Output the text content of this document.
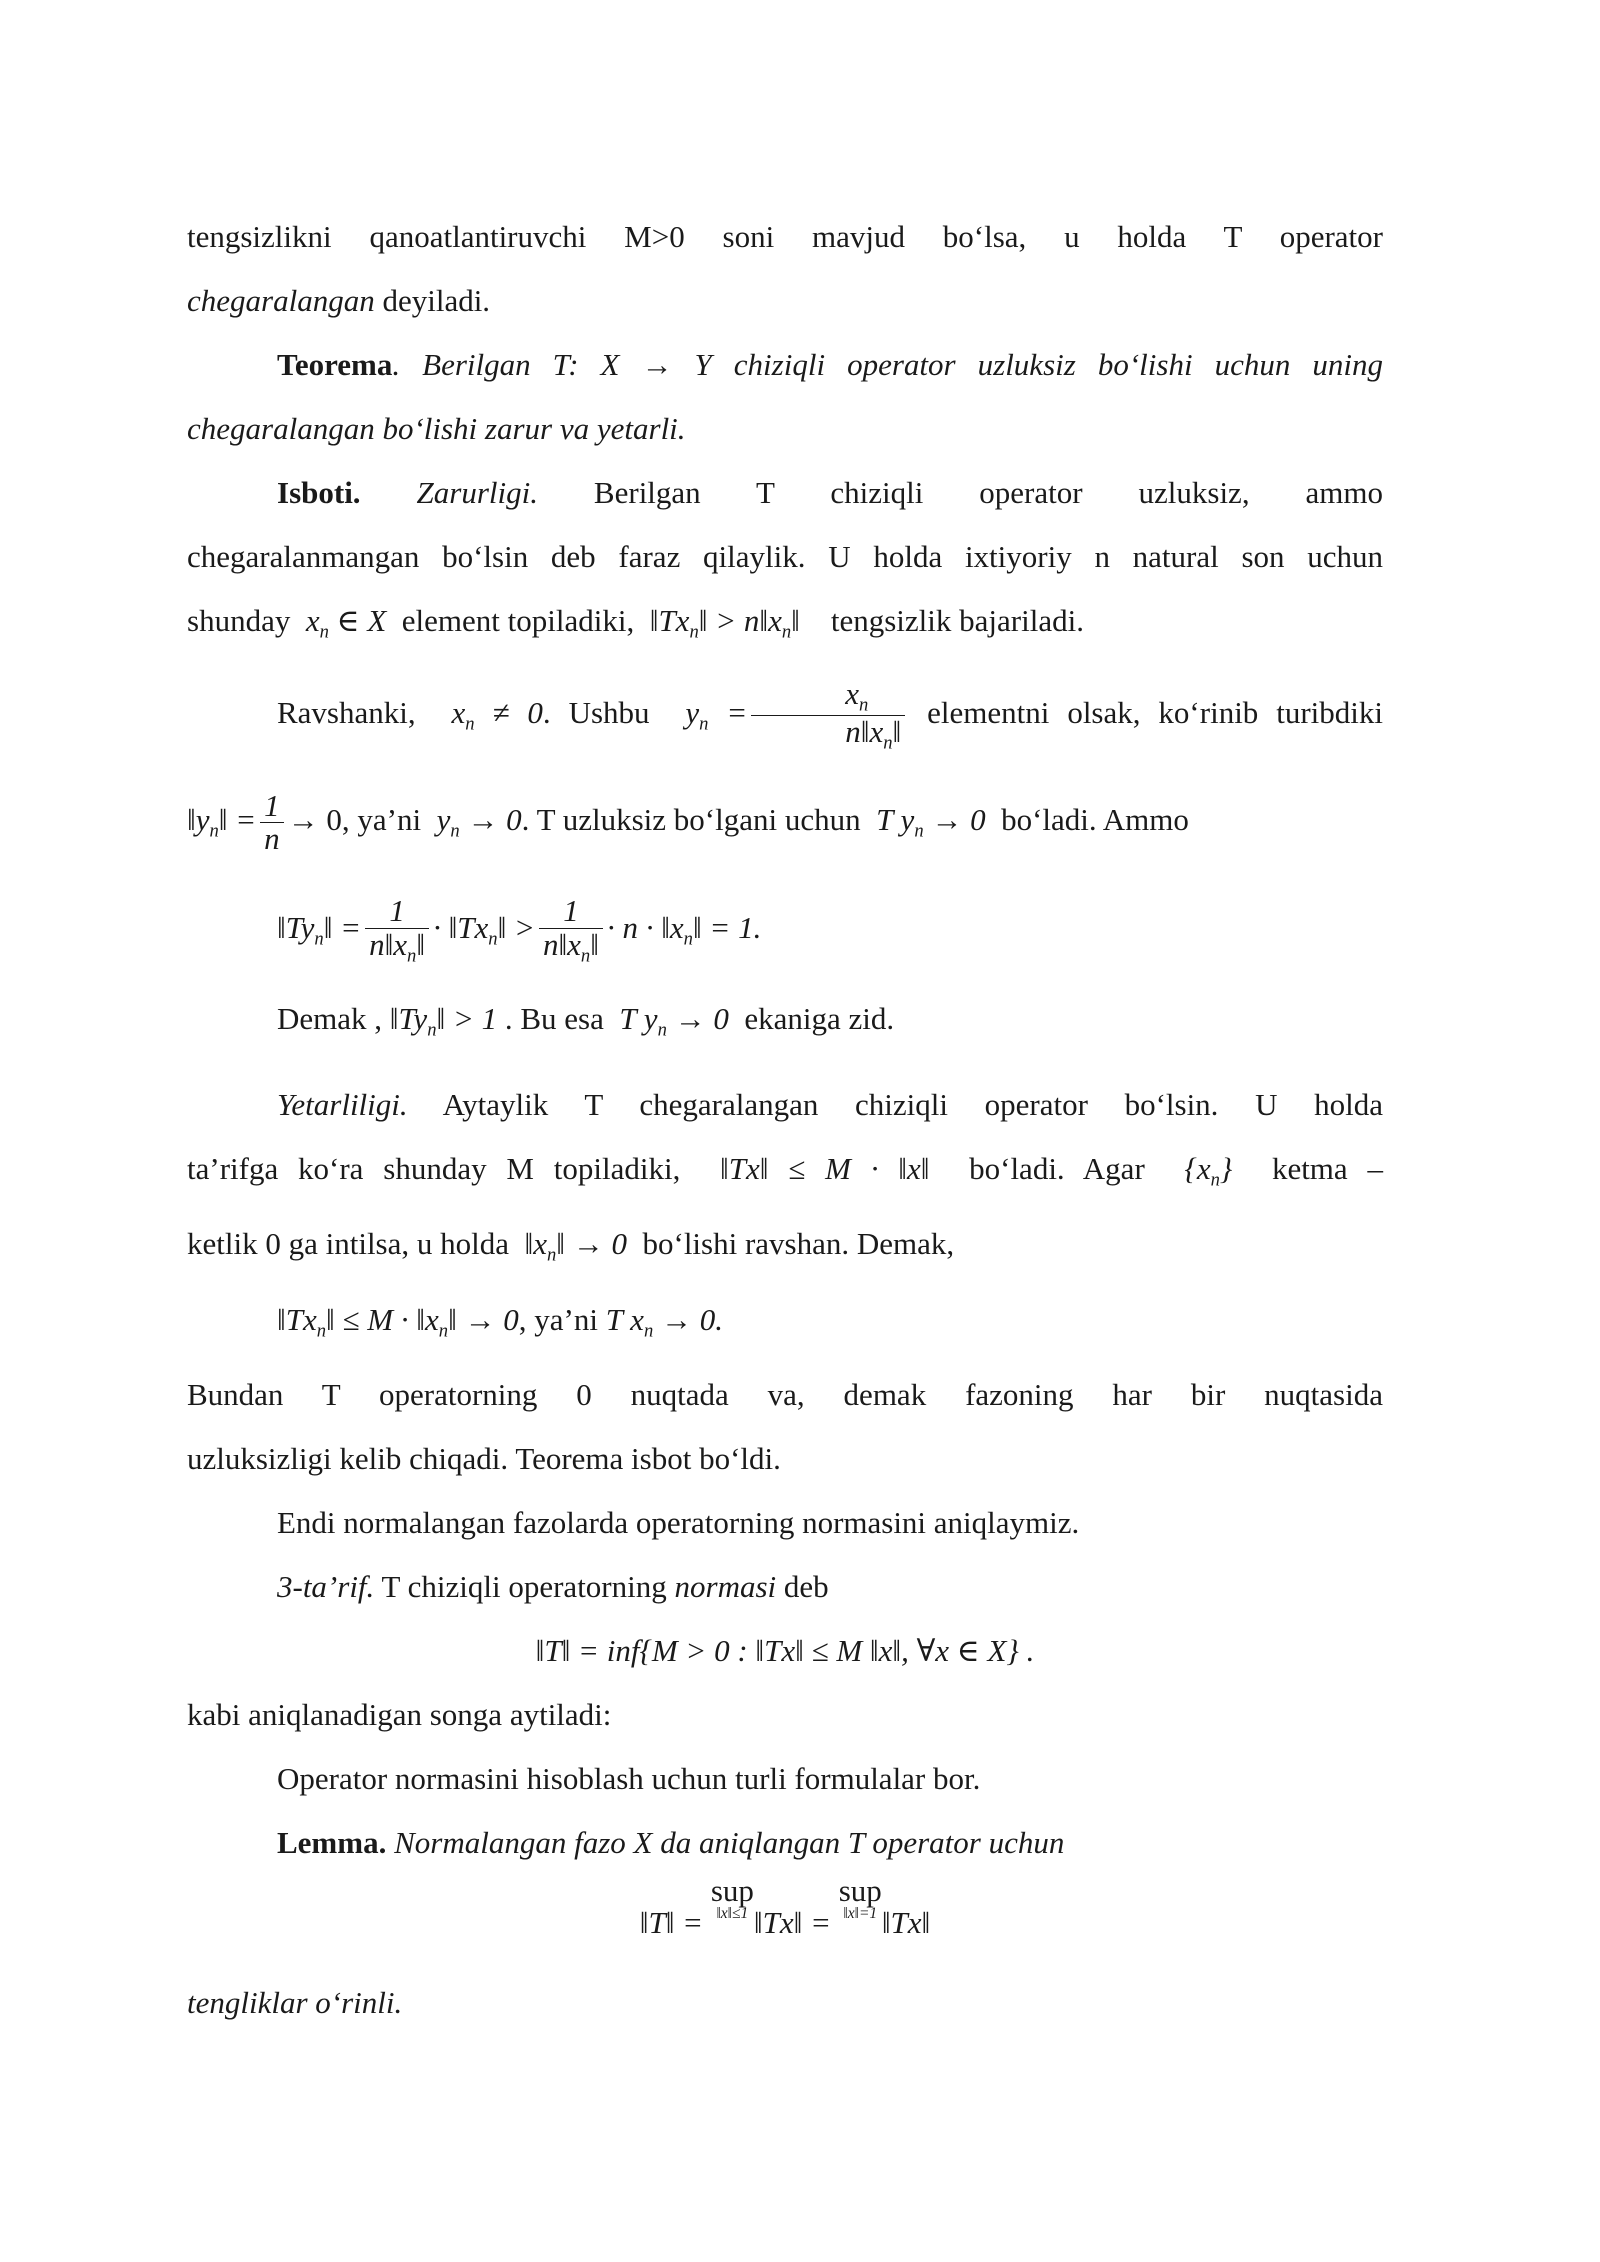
tengsizlikni qanoatlantiruvchi M>0 soni mavjud bo‘lsa, u holda T operator

chegaralangan deyiladi.

Teorema. Berilgan T: X → Y chiziqli operator uzluksiz bo‘lishi uchun uning

chegaralangan bo‘lishi zarur va yetarli.

Isboti. Zarurligi. Berilgan T chiziqli operator uzluksiz, ammo

chegaralanmangan bo‘lsin deb faraz qilaylik. U holda ixtiyoriy n natural son uchun

shunday  $x_n$ ∈ X  element topiladiki,  $‖Tx_n‖$ > $n‖x_n‖$    tengsizlik bajariladi.

Ravshanki,  $x_n \ne 0$. Ushbu  $y_n = \frac{x_n}{n‖x_n‖}$ elementni olsak, ko‘rinib turibdiki

$‖y_n‖ = \frac{1}{n} \to 0$, ya’ni  $y_n \to 0$. T uzluksiz bo‘lgani uchun  T $y_n \to 0$  bo‘ladi. Ammo

$‖Ty_n‖ = \frac{1}{n‖x_n‖}$ · $‖Tx_n‖ > \frac{1}{n‖x_n‖} \cdot n$ · $‖x_n‖ = 1$.

Demak , $‖Ty_n‖ > 1$ . Bu esa  T $y_n \to 0$  ekaniga zid.

Yetarliligi. Aytaylik T chegaralangan chiziqli operator bo‘lsin. U holda

ta’rifga ko‘ra shunday M topiladiki,  ‖Tx‖ ≤ M · ‖x‖  bo‘ladi. Agar  $\{x_n\}$  ketma –

ketlik 0 ga intilsa, u holda  $‖x_n‖ \to 0$  bo‘lishi ravshan. Demak,

$‖Tx_n‖ \le M$ · $‖x_n‖ \to 0$, ya’ni T $x_n \to 0$.

Bundan T operatorning 0 nuqtada va, demak fazoning har bir nuqtasida

uzluksizligi kelib chiqadi. Teorema isbot bo‘ldi.

Endi normalangan fazolarda operatorning normasini aniqlaymiz.

3-ta’rif. T chiziqli operatorning normasi deb

‖T‖ = inf{M > 0 : ‖Tx‖ ≤ M ‖x‖, ∀x ∈ X} .

kabi aniqlanadigan songa aytiladi:

Operator normasini hisoblash uchun turli formulalar bor.

Lemma. Normalangan fazo X da aniqlangan T operator uchun

‖T‖ = sup
‖x‖≤1 ‖Tx‖ = sup
‖x‖=1 ‖Tx‖

tengliklar o‘rinli.
